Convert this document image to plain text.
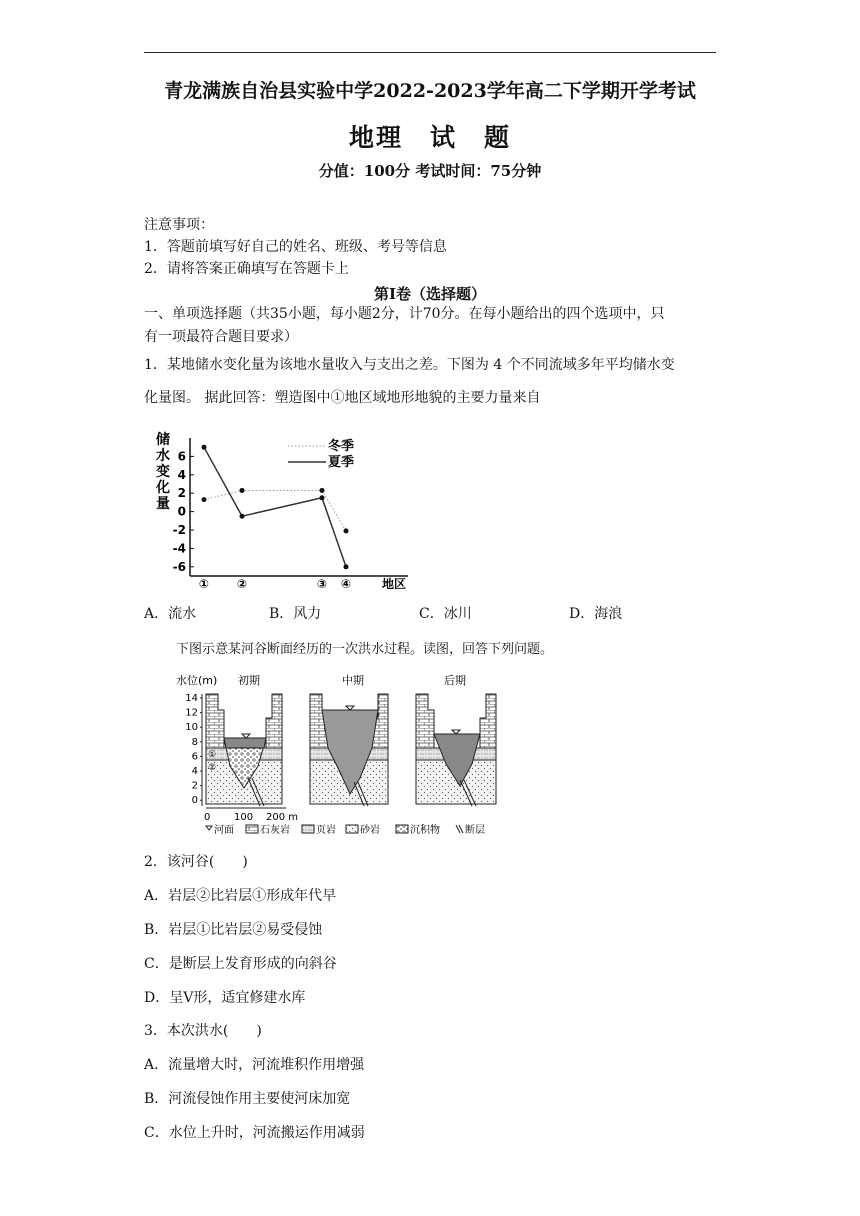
青龙满族自治县实验中学2022-2023学年高二下学期开学考试
地理　试　题
分值：100分 考试时间：75分钟
注意事项：
1．答题前填写好自己的姓名、班级、考号等信息
2．请将答案正确填写在答题卡上
第I卷（选择题）
一、单项选择题（共35小题，每小题2分，计70分。在每小题给出的四个选项中，只
有一项最符合题目要求）
1．某地储水变化量为该地水量收入与支出之差。下图为 4 个不同流域多年平均储水变
化量图。 据此回答：塑造图中①地区域地形地貌的主要力量来自
储
水
变
化
量
6
4
2
0
-2
-4
-6
① ②	③ ④	地区
冬季
夏季
A．流水	B．风力	C．冰川	D．海浪
下图示意某河谷断面经历的一次洪水过程。读图，回答下列问题。
水位(m)
14
12
10
8
6
4
2
0
初期
①
②
中期	后期
0 100 200 m
河面	石灰岩	页岩 砂岩	沉积物	断层
2．该河谷(　　)
A．岩层②比岩层①形成年代早
B．岩层①比岩层②易受侵蚀
C．是断层上发育形成的向斜谷
D．呈V形，适宜修建水库
3．本次洪水(　　)
A．流量增大时，河流堆积作用增强
B．河流侵蚀作用主要使河床加宽
C．水位上升时，河流搬运作用减弱
